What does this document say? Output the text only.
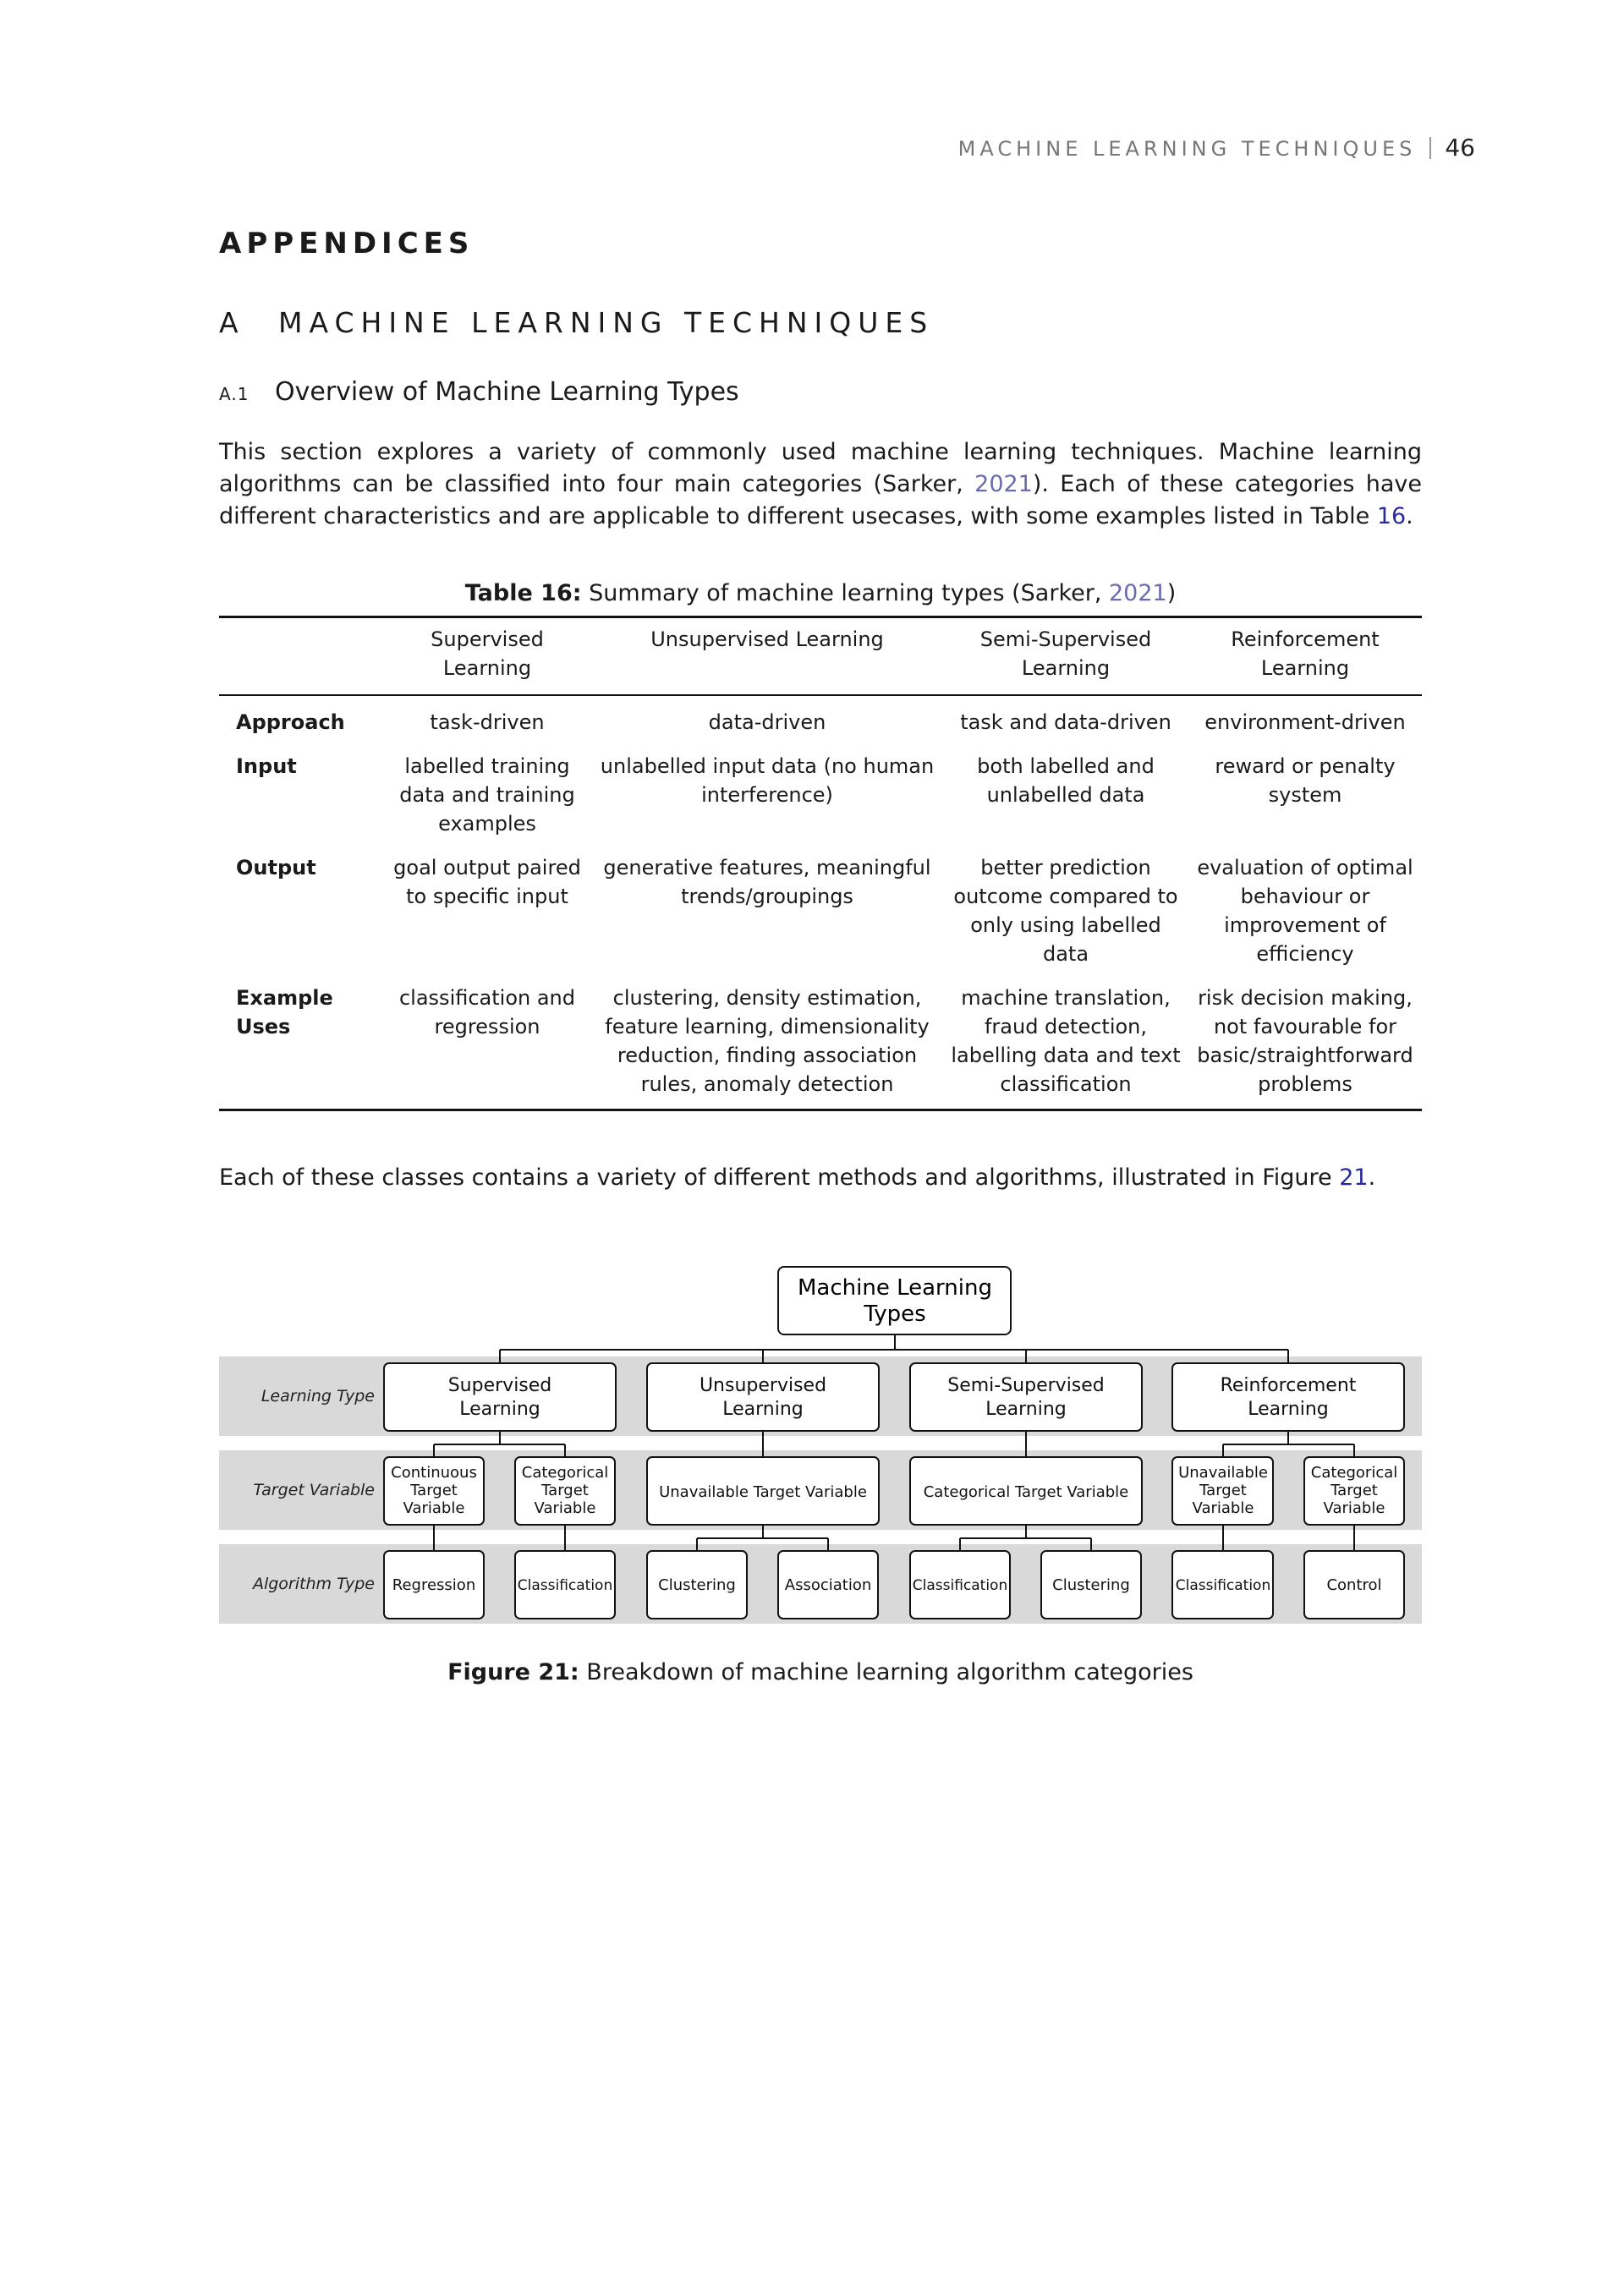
MACHINE LEARNING TECHNIQUES 46
APPENDICES
A MACHINE LEARNING TECHNIQUES
A.1 Overview of Machine Learning Types

This section explores a variety of commonly used machine learning techniques. Machine learning algorithms can be classified into four main categories (Sarker, 2021). Each of these categories have different characteristics and are applicable to different usecases, with some examples listed in Table 16.

Table 16: Summary of machine learning types (Sarker, 2021)

	Supervised Learning	Unsupervised Learning	Semi-Supervised Learning	Reinforcement Learning
Approach	task-driven	data-driven	task and data-driven	environment-driven
Input	labelled training data and training examples	unlabelled input data (no human interference)	both labelled and unlabelled data	reward or penalty system
Output	goal output paired to specific input	generative features, meaningful trends/groupings	better prediction outcome compared to only using labelled data	evaluation of optimal behaviour or improvement of efficiency
Example Uses	classification and regression	clustering, density estimation, feature learning, dimensionality reduction, finding association rules, anomaly detection	machine translation, fraud detection, labelling data and text classification	risk decision making, not favourable for basic/straightforward problems

Each of these classes contains a variety of different methods and algorithms, illustrated in Figure 21.

Learning Type
Target Variable
Algorithm Type
Machine Learning
Types
Supervised
Learning
Unsupervised
Learning
Semi-Supervised
Learning
Reinforcement
Learning
Continuous
Target
Variable
Categorical
Target
Variable
Unavailable Target Variable	Categorical Target Variable
Unavailable
Target
Variable
Categorical
Target
Variable
Regression	Classification	Clustering	Association	Classification	Clustering	Classification	Control

Figure 21: Breakdown of machine learning algorithm categories
